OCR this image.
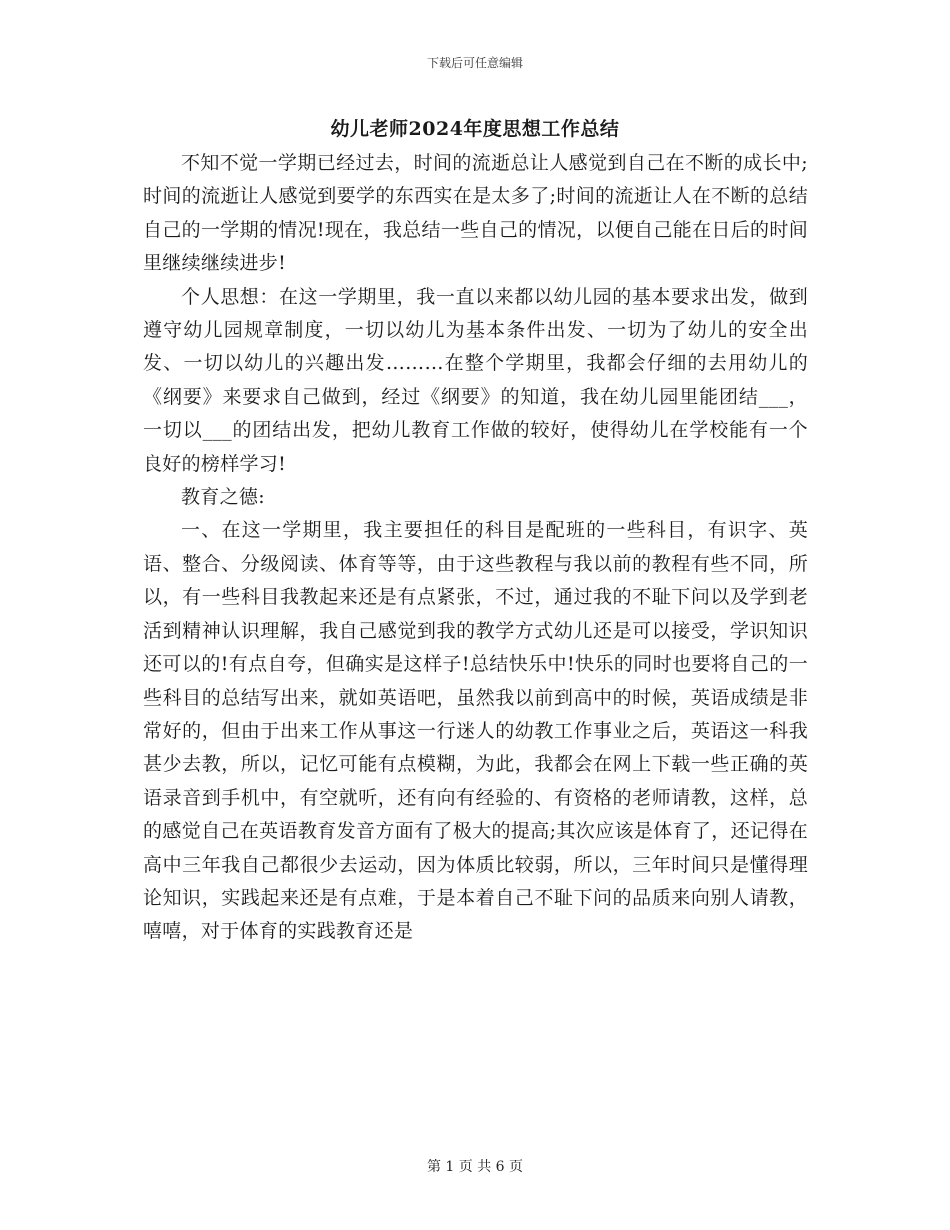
下载后可任意编辑
幼儿老师2024年度思想工作总结

不知不觉一学期已经过去，时间的流逝总让人感觉到自己在不断的成长中;时间的流逝让人感觉到要学的东西实在是太多了;时间的流逝让人在不断的总结自己的一学期的情况!现在，我总结一些自己的情况，以便自己能在日后的时间里继续继续进步!

个人思想：在这一学期里，我一直以来都以幼儿园的基本要求出发，做到遵守幼儿园规章制度，一切以幼儿为基本条件出发、一切为了幼儿的安全出发、一切以幼儿的兴趣出发………在整个学期里，我都会仔细的去用幼儿的《纲要》来要求自己做到，经过《纲要》的知道，我在幼儿园里能团结___，一切以___的团结出发，把幼儿教育工作做的较好，使得幼儿在学校能有一个良好的榜样学习!

教育之德:

一、在这一学期里，我主要担任的科目是配班的一些科目，有识字、英语、整合、分级阅读、体育等等，由于这些教程与我以前的教程有些不同，所以，有一些科目我教起来还是有点紧张，不过，通过我的不耻下问以及学到老活到精神认识理解，我自己感觉到我的教学方式幼儿还是可以接受，学识知识还可以的!有点自夸，但确实是这样子!总结快乐中!快乐的同时也要将自己的一些科目的总结写出来，就如英语吧，虽然我以前到高中的时候，英语成绩是非常好的，但由于出来工作从事这一行迷人的幼教工作事业之后，英语这一科我甚少去教，所以，记忆可能有点模糊，为此，我都会在网上下载一些正确的英语录音到手机中，有空就听，还有向有经验的、有资格的老师请教，这样，总的感觉自己在英语教育发音方面有了极大的提高;其次应该是体育了，还记得在高中三年我自己都很少去运动，因为体质比较弱，所以，三年时间只是懂得理论知识，实践起来还是有点难，于是本着自己不耻下问的品质来向别人请教，嘻嘻，对于体育的实践教育还是

第 1 页 共 6 页
